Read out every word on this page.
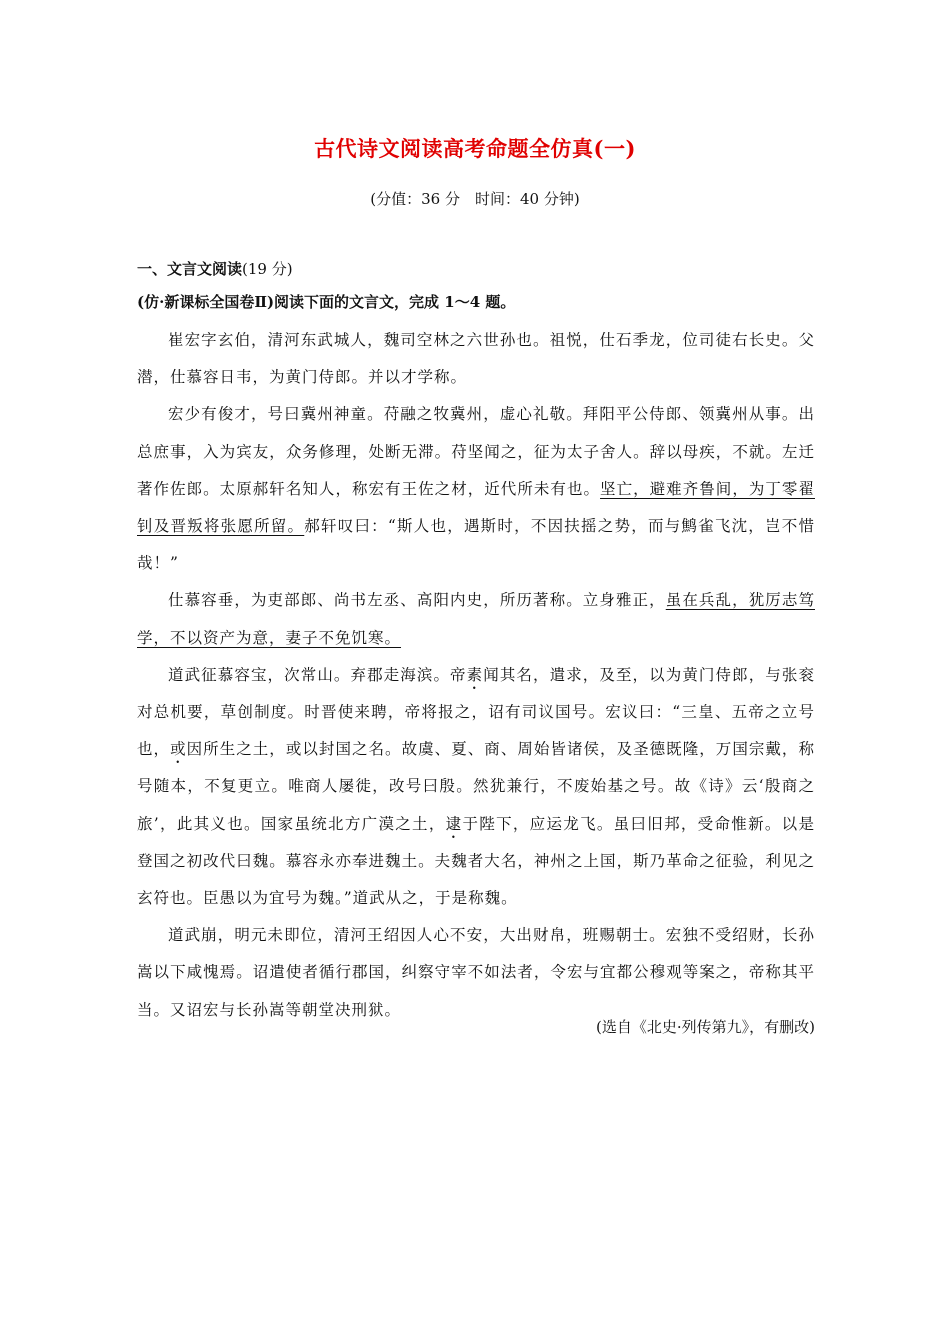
古代诗文阅读高考命题全仿真(一)
(分值：36 分　时间：40 分钟)
一、文言文阅读(19 分)
(仿·新课标全国卷Ⅱ)阅读下面的文言文，完成 1～4 题。

崔宏字玄伯，清河东武城人，魏司空林之六世孙也。祖悦，仕石季龙，位司徒右长史。父潜，仕慕容日韦，为黄门侍郎。并以才学称。

宏少有俊才，号曰冀州神童。苻融之牧冀州，虚心礼敬。拜阳平公侍郎、领冀州从事。出总庶事，入为宾友，众务修理，处断无滞。苻坚闻之，征为太子舍人。辞以母疾，不就。左迁著作佐郎。太原郝轩名知人，称宏有王佐之材，近代所未有也。坚亡，避难齐鲁间，为丁零翟钊及晋叛将张愿所留。郝轩叹曰：“斯人也，遇斯时，不因扶摇之势，而与鹪雀飞沈，岂不惜哉！”

仕慕容垂，为吏部郎、尚书左丞、高阳内史，所历著称。立身雅正，虽在兵乱，犹厉志笃学，不以资产为意，妻子不免饥寒。

道武征慕容宝，次常山。弃郡走海滨。帝素闻其名，遣求，及至，以为黄门侍郎，与张衮对总机要，草创制度。时晋使来聘，帝将报之，诏有司议国号。宏议曰：“三皇、五帝之立号也，或因所生之土，或以封国之名。故虞、夏、商、周始皆诸侯，及圣德既隆，万国宗戴，称号随本，不复更立。唯商人屡徙，改号曰殷。然犹兼行，不废始基之号。故《诗》云‘殷商之旅’，此其义也。国家虽统北方广漠之土，逮于陛下，应运龙飞。虽曰旧邦，受命惟新。以是登国之初改代曰魏。慕容永亦奉进魏土。夫魏者大名，神州之上国，斯乃革命之征验，利见之玄符也。臣愚以为宜号为魏。”道武从之，于是称魏。

道武崩，明元未即位，清河王绍因人心不安，大出财帛，班赐朝士。宏独不受绍财，长孙嵩以下咸愧焉。诏遣使者循行郡国，纠察守宰不如法者，令宏与宜都公穆观等案之，帝称其平当。又诏宏与长孙嵩等朝堂决刑狱。

(选自《北史·列传第九》，有删改)
